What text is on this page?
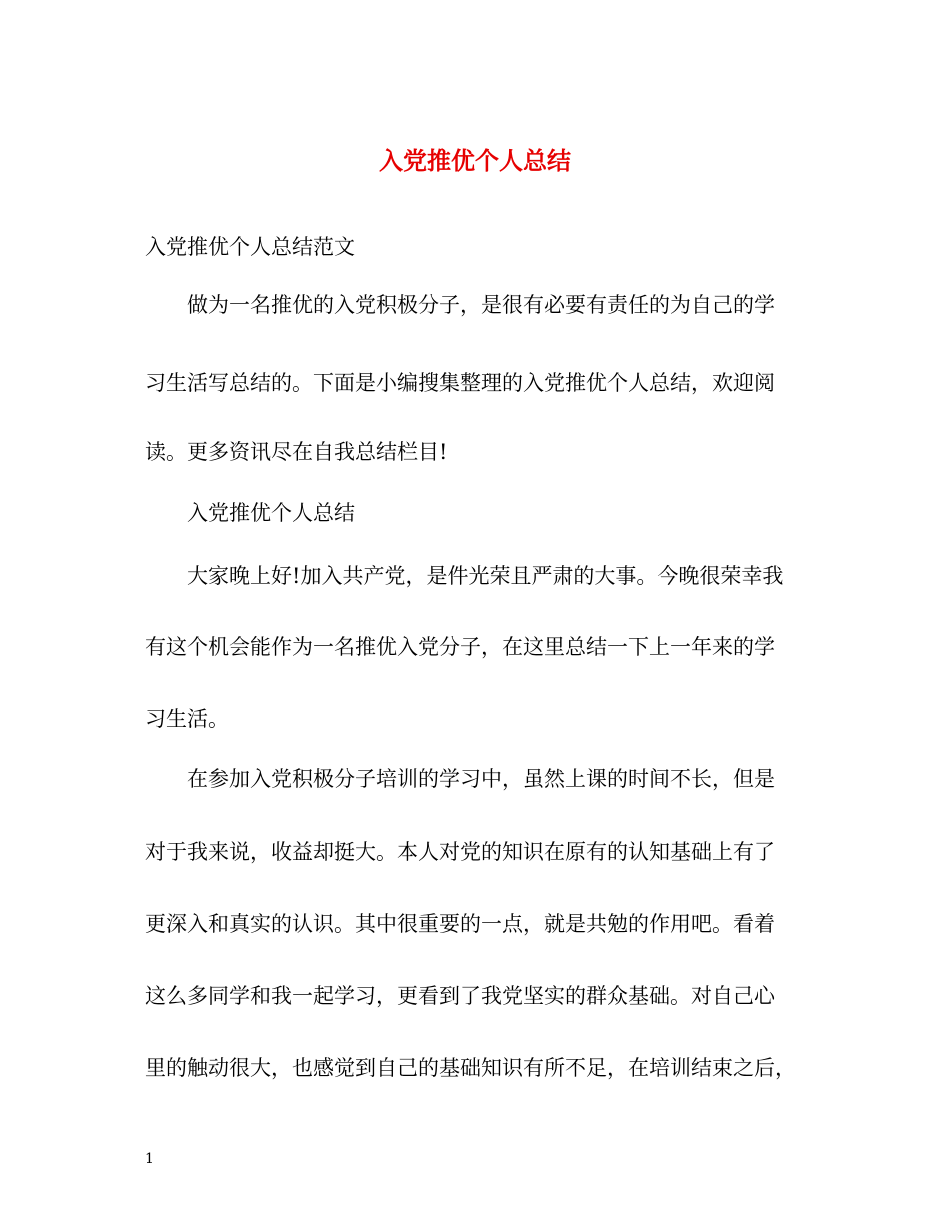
入党推优个人总结
入党推优个人总结范文
做为一名推优的入党积极分子，是很有必要有责任的为自己的学
习生活写总结的。下面是小编搜集整理的入党推优个人总结，欢迎阅
读。更多资讯尽在自我总结栏目!
入党推优个人总结
大家晚上好!加入共产党，是件光荣且严肃的大事。今晚很荣幸我
有这个机会能作为一名推优入党分子，在这里总结一下上一年来的学
习生活。
在参加入党积极分子培训的学习中，虽然上课的时间不长，但是
对于我来说，收益却挺大。本人对党的知识在原有的认知基础上有了
更深入和真实的认识。其中很重要的一点，就是共勉的作用吧。看着
这么多同学和我一起学习，更看到了我党坚实的群众基础。对自己心
里的触动很大，也感觉到自己的基础知识有所不足，在培训结束之后，
1
